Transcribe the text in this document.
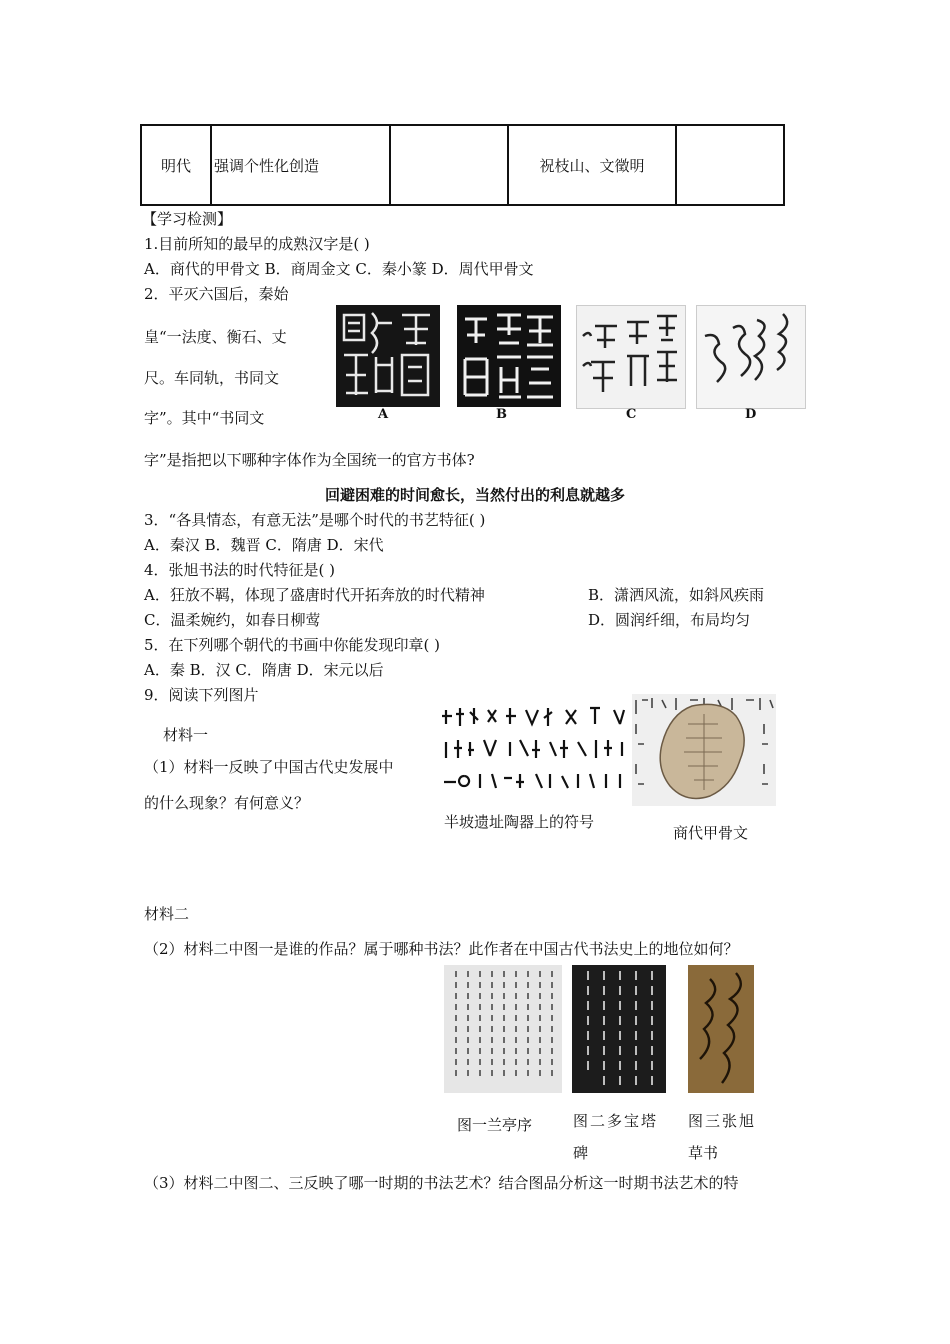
明代	强调个性化创造		祝枝山、文徵明	
【学习检测】
1.目前所知的最早的成熟汉字是( )
A．商代的甲骨文 B．商周金文 C．秦小篆 D．周代甲骨文
2．平灭六国后，秦始
皇“一法度、衡石、丈
尺。车同轨，书同文
字”。其中“书同文
字”是指把以下哪种字体作为全国统一的官方书体?
A	B	C	D
回避困难的时间愈长，当然付出的利息就越多
3．“各具情态，有意无法”是哪个时代的书艺特征( )
A．秦汉 B．魏晋 C．隋唐 D．宋代
4．张旭书法的时代特征是( )
A．狂放不羁，体现了盛唐时代开拓奔放的时代精神	B．潇洒风流，如斜风疾雨
C．温柔婉约，如春日柳莺	D．圆润纤细，布局均匀
5．在下列哪个朝代的书画中你能发现印章( )
A．秦 B．汉 C．隋唐 D．宋元以后
9．阅读下列图片
材料一
（1）材料一反映了中国古代史发展中
的什么现象？有何意义？
半坡遗址陶器上的符号
商代甲骨文
材料二
（2）材料二中图一是谁的作品？属于哪种书法？此作者在中国古代书法史上的地位如何？
图一兰亭序	图二多宝塔
碑
图三张旭
草书
（3）材料二中图二、三反映了哪一时期的书法艺术？结合图品分析这一时期书法艺术的特
